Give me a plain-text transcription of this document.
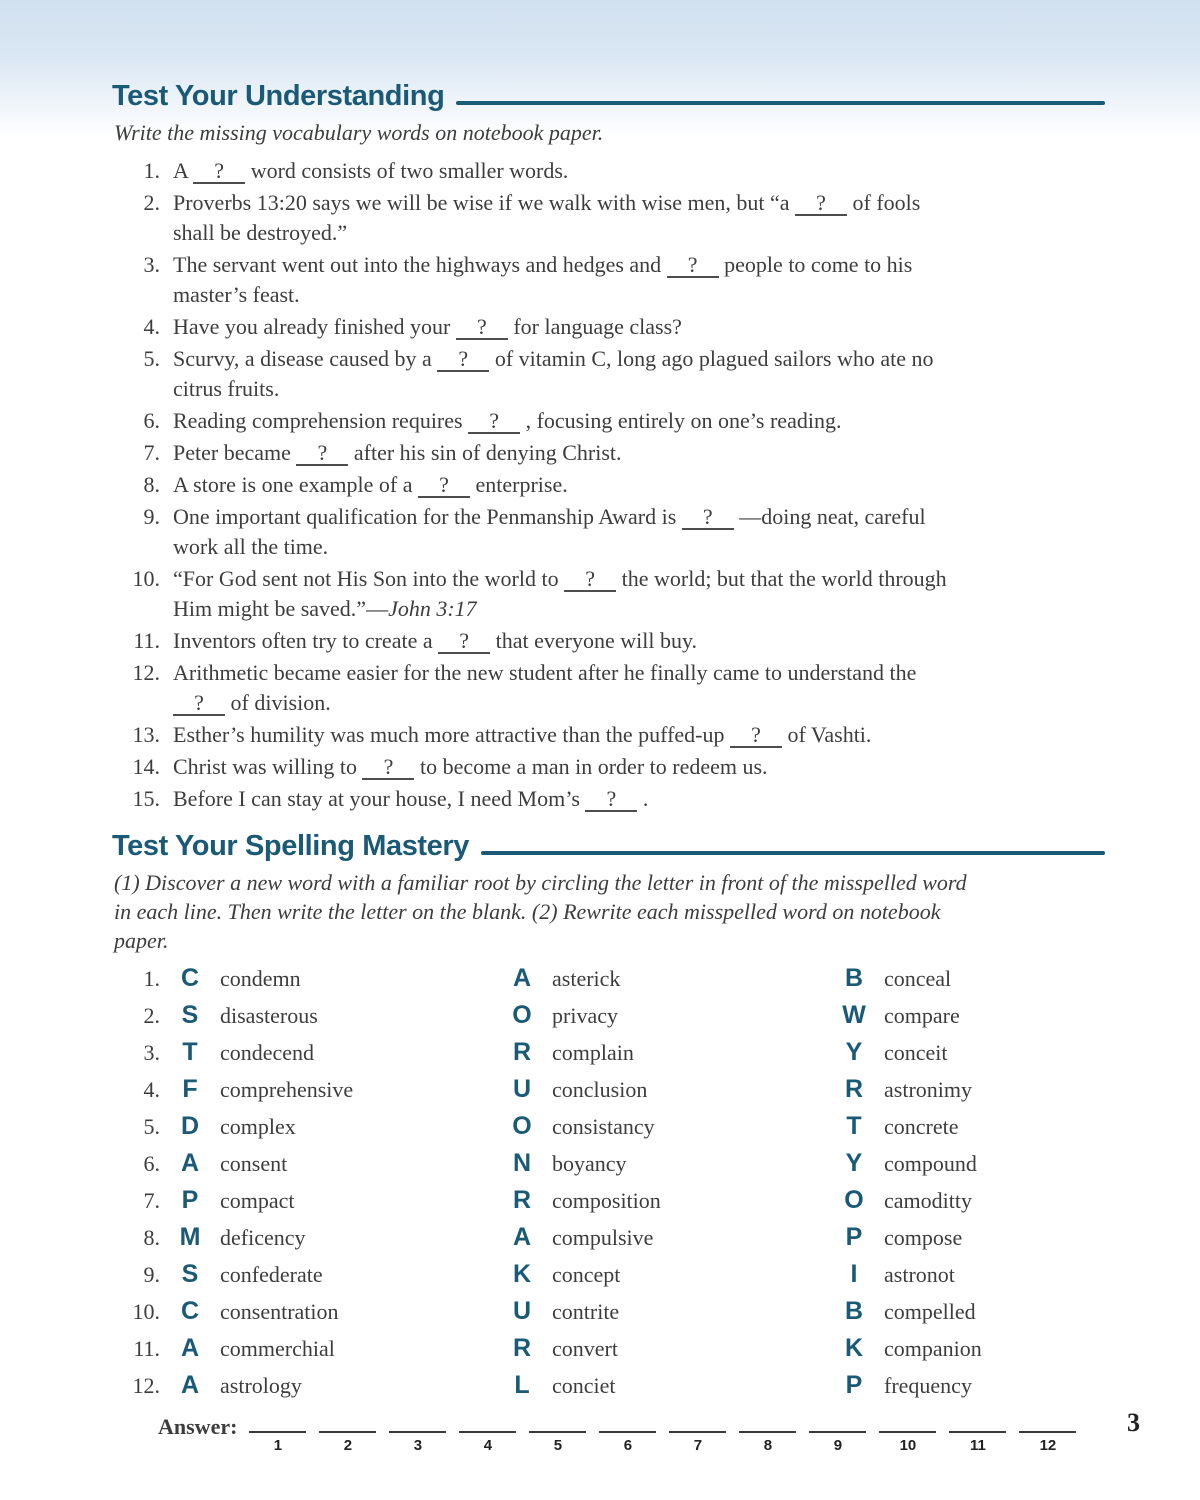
Test Your Understanding
Write the missing vocabulary words on notebook paper.
1. A ? word consists of two smaller words.
2. Proverbs 13:20 says we will be wise if we walk with wise men, but “a ? of fools
shall be destroyed.”
3. The servant went out into the highways and hedges and ? people to come to his
master’s feast.
4. Have you already finished your ? for language class?
5. Scurvy, a disease caused by a ? of vitamin C, long ago plagued sailors who ate no
citrus fruits.
6. Reading comprehension requires ? , focusing entirely on one’s reading.
7. Peter became ? after his sin of denying Christ.
8. A store is one example of a ? enterprise.
9. One important qualification for the Penmanship Award is ? —doing neat, careful
work all the time.
10. “For God sent not His Son into the world to ? the world; but that the world through
Him might be saved.”—John 3:17
11. Inventors often try to create a ? that everyone will buy.
12. Arithmetic became easier for the new student after he finally came to understand the
? of division.
13. Esther’s humility was much more attractive than the puffed-up ? of Vashti.
14. Christ was willing to ? to become a man in order to redeem us.
15. Before I can stay at your house, I need Mom’s ? .
Test Your Spelling Mastery
(1) Discover a new word with a familiar root by circling the letter in front of the misspelled word
in each line. Then write the letter on the blank. (2) Rewrite each misspelled word on notebook
paper.
1. C condemn	A asterick	B conceal
2. S disasterous	O privacy	W compare
3. T	condecend	R complain	Y conceit
4. F	comprehensive	U conclusion	R astronimy
5. D complex	O consistancy	T	concrete
6. A consent	N boyancy	Y compound
7. P compact	R composition	O camoditty
8. M deficency	A compulsive	P compose
9. S confederate	K concept	I	astronot
10. C consentration	U contrite	B compelled
11. A commerchial	R convert	K companion
12. A astrology	L	conciet	P frequency
Answer:
1	2	3	4	5	6	7	8	9	10	11	12
3
